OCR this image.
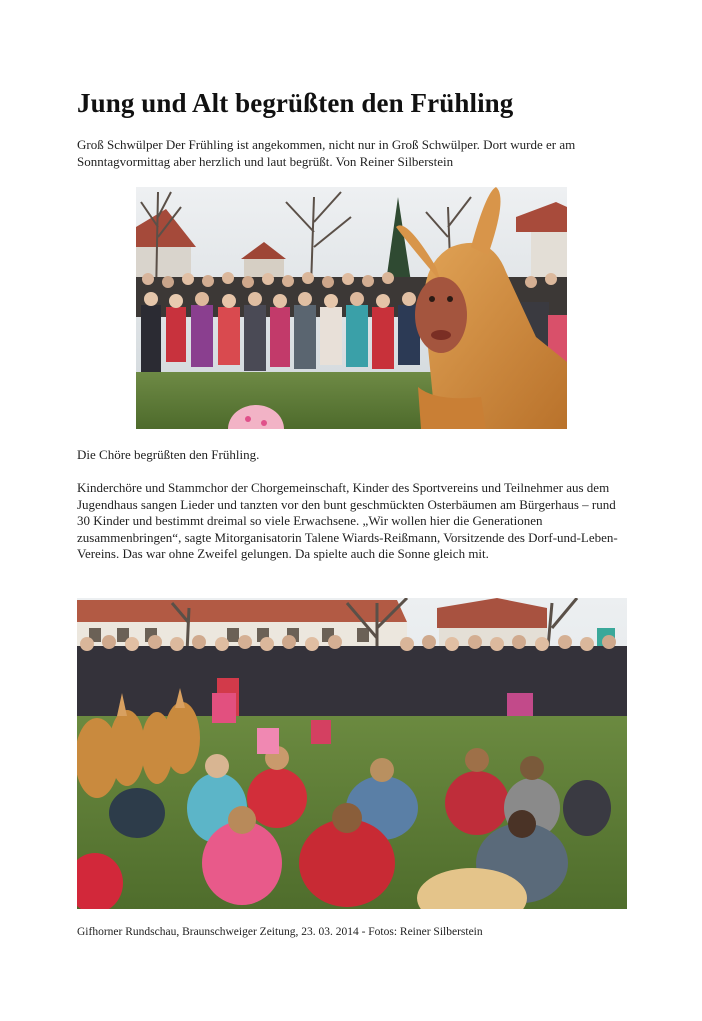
Jung und Alt begrüßten den Frühling

Groß Schwülper Der Frühling ist angekommen, nicht nur in Groß Schwülper. Dort wurde er am Sonntagvormittag aber herzlich und laut begrüßt. Von Reiner Silberstein

Die Chöre begrüßten den Frühling.

Kinderchöre und Stammchor der Chorgemeinschaft, Kinder des Sportvereins und Teilnehmer aus dem Jugendhaus sangen Lieder und tanzten vor den bunt geschmückten Osterbäumen am Bürgerhaus – rund 30 Kinder und bestimmt dreimal so viele Erwachsene. „Wir wollen hier die Generationen zusammenbringen“, sagte Mitorganisatorin Talene Wiards-Reißmann, Vorsitzende des Dorf-und-Leben-Vereins. Das war ohne Zweifel gelungen. Da spielte auch die Sonne gleich mit.

Gifhorner Rundschau, Braunschweiger Zeitung, 23. 03. 2014 - Fotos: Reiner Silberstein
